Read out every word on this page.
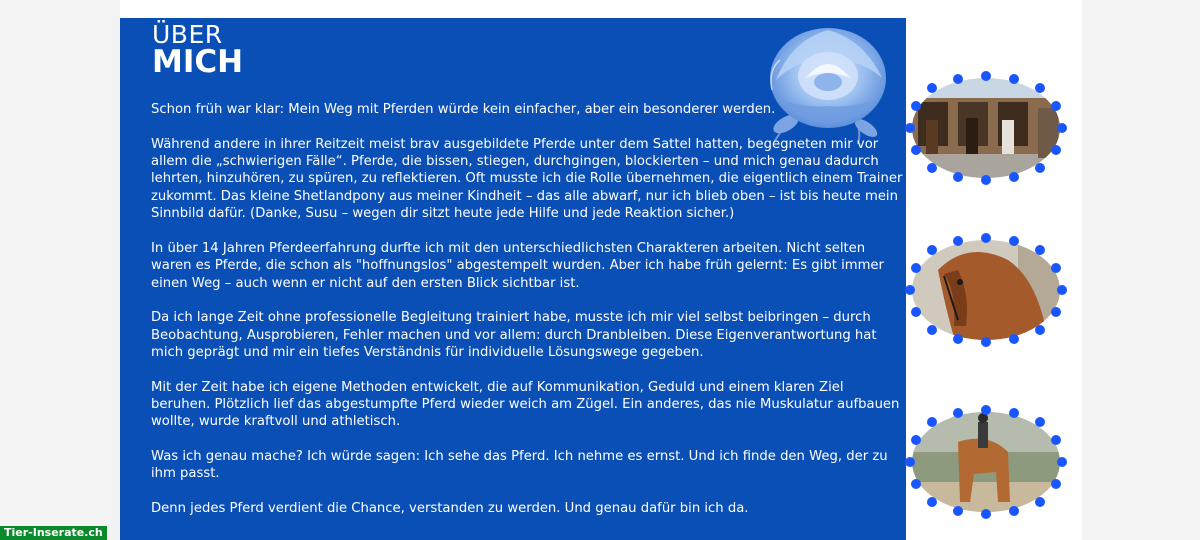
ÜBER
MICH

Schon früh war klar: Mein Weg mit Pferden würde kein einfacher, aber ein besonderer werden.

Während andere in ihrer Reitzeit meist brav ausgebildete Pferde unter dem Sattel hatten, begegneten mir vor allem die „schwierigen Fälle“. Pferde, die bissen, stiegen, durchgingen, blockierten – und mich genau dadurch lehrten, hinzuhören, zu spüren, zu reflektieren. Oft musste ich die Rolle übernehmen, die eigentlich einem Trainer zukommt. Das kleine Shetlandpony aus meiner Kindheit – das alle abwarf, nur ich blieb oben – ist bis heute mein Sinnbild dafür. (Danke, Susu – wegen dir sitzt heute jede Hilfe und jede Reaktion sicher.)

In über 14 Jahren Pferdeerfahrung durfte ich mit den unterschiedlichsten Charakteren arbeiten. Nicht selten waren es Pferde, die schon als "hoffnungslos" abgestempelt wurden. Aber ich habe früh gelernt: Es gibt immer einen Weg – auch wenn er nicht auf den ersten Blick sichtbar ist.

Da ich lange Zeit ohne professionelle Begleitung trainiert habe, musste ich mir viel selbst beibringen – durch Beobachtung, Ausprobieren, Fehler machen und vor allem: durch Dranbleiben. Diese Eigenverantwortung hat mich geprägt und mir ein tiefes Verständnis für individuelle Lösungswege gegeben.

Mit der Zeit habe ich eigene Methoden entwickelt, die auf Kommunikation, Geduld und einem klaren Ziel beruhen. Plötzlich lief das abgestumpfte Pferd wieder weich am Zügel. Ein anderes, das nie Muskulatur aufbauen wollte, wurde kraftvoll und athletisch.

Was ich genau mache? Ich würde sagen: Ich sehe das Pferd. Ich nehme es ernst. Und ich finde den Weg, der zu ihm passt.

Denn jedes Pferd verdient die Chance, verstanden zu werden. Und genau dafür bin ich da.

Tier-Inserate.ch
